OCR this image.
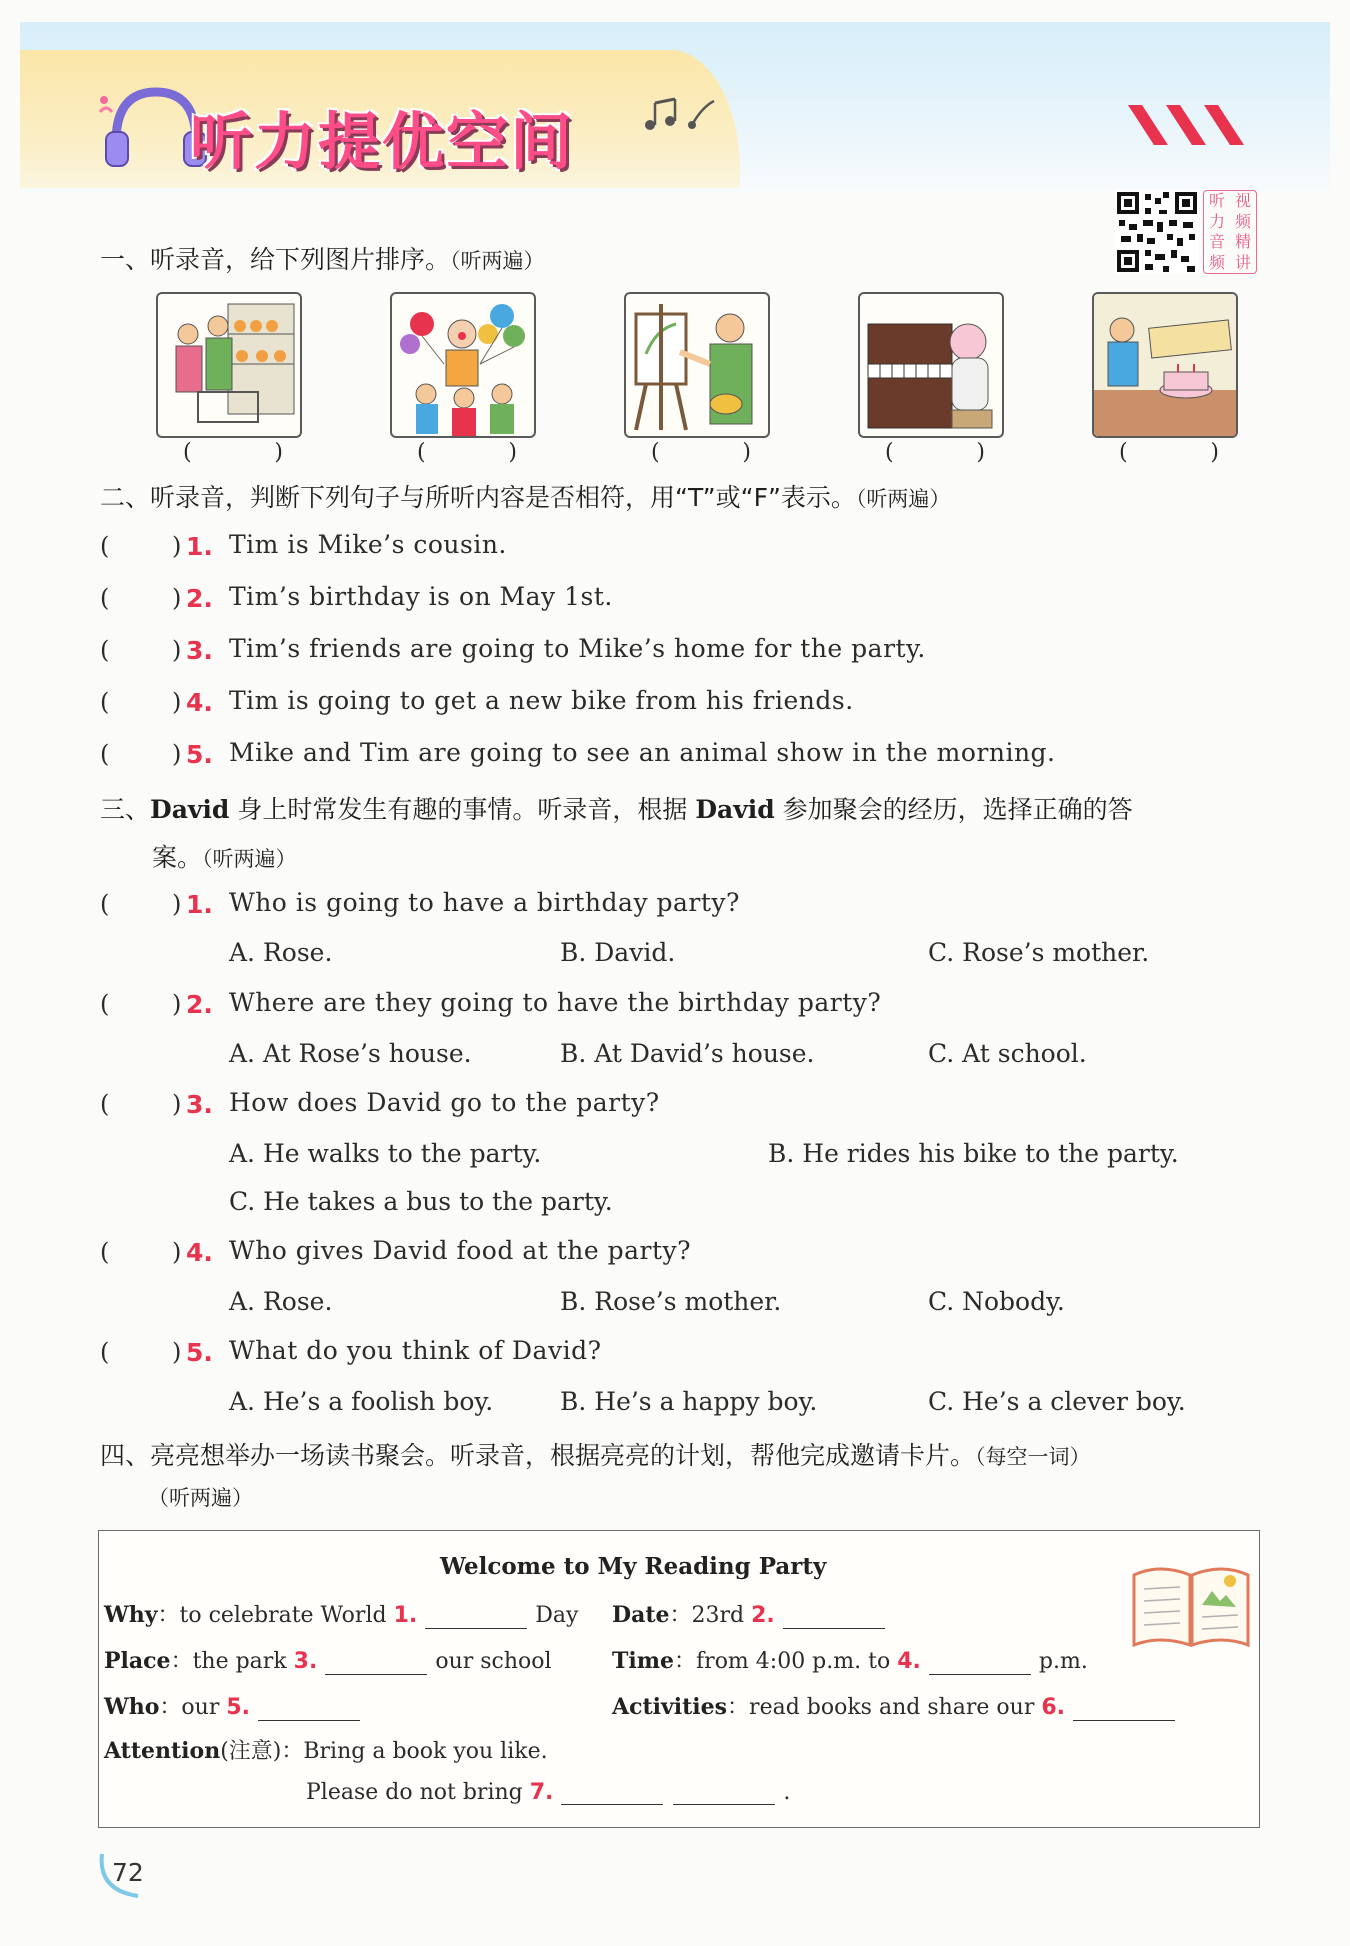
听力提优空间
听 视
力 频
音 精
频 讲
一、听录音，给下列图片排序。（听两遍）
(	)	(	)	(	)	(	)	(	)
二、听录音，判断下列句子与所听内容是否相符，用“T”或“F”表示。（听两遍）
(	) 1. Tim is Mike’s cousin.
(	) 2. Tim’s birthday is on May 1st.
(	) 3. Tim’s friends are going to Mike’s home for the party.
(	) 4. Tim is going to get a new bike from his friends.
(	) 5. Mike and Tim are going to see an animal show in the morning.
三、David 身上时常发生有趣的事情。听录音，根据 David 参加聚会的经历，选择正确的答
案。（听两遍）
(	) 1. Who is going to have a birthday party?
A. Rose.	B. David.	C. Rose’s mother.
(	) 2. Where are they going to have the birthday party?
A. At Rose’s house.	B. At David’s house.	C. At school.
(	) 3. How does David go to the party?
A. He walks to the party.	B. He rides his bike to the party.
C. He takes a bus to the party.
(	) 4. Who gives David food at the party?
A. Rose.	B. Rose’s mother.	C. Nobody.
(	) 5. What do you think of David?
A. He’s a foolish boy.	B. He’s a happy boy.	C. He’s a clever boy.
四、亮亮想举办一场读书聚会。听录音，根据亮亮的计划，帮他完成邀请卡片。（每空一词）
（听两遍）
Welcome to My Reading Party
Why：to celebrate World 1.	Day Date：23rd 2.
Place：the park 3.	our school	Time：from 4:00 p.m. to 4.	p.m.
Who：our 5.	Activities：read books and share our 6.
Attention(注意)：Bring a book you like.
Please do not bring 7.	.
72
